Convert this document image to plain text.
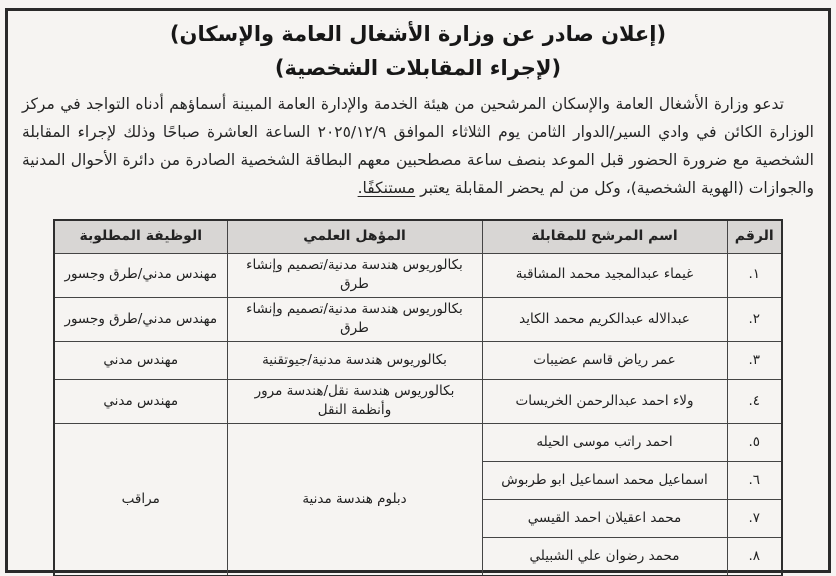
(إعلان صادر عن وزارة الأشغال العامة والإسكان)
(لإجراء المقابلات الشخصية)

تدعو وزارة الأشغال العامة والإسكان المرشحين من هيئة الخدمة والإدارة العامة المبينة أسماؤهم أدناه التواجد في مركز الوزارة الكائن في وادي السير/الدوار الثامن يوم الثلاثاء الموافق ٢٠٢٥/١٢/٩ الساعة العاشرة صباحًا وذلك لإجراء المقابلة الشخصية مع ضرورة الحضور قبل الموعد بنصف ساعة مصطحبين معهم البطاقة الشخصية الصادرة من دائرة الأحوال المدنية والجوازات (الهوية الشخصية)، وكل من لم يحضر المقابلة يعتبر مستنكفًا.

الرقم	اسم المرشح للمقابلة	المؤهل العلمي	الوظيفة المطلوبة
١.	غيماء عبدالمجيد محمد المشاقبة	بكالوريوس هندسة مدنية/تصميم وإنشاء طرق	مهندس مدني/طرق وجسور
٢.	عبدالاله عبدالكريم محمد الكايد	بكالوريوس هندسة مدنية/تصميم وإنشاء طرق	مهندس مدني/طرق وجسور
٣.	عمر رياض قاسم عضيبات	بكالوريوس هندسة مدنية/جيوتقنية	مهندس مدني
٤.	ولاء احمد عبدالرحمن الخريسات	بكالوريوس هندسة نقل/هندسة مرور وأنظمة النقل	مهندس مدني
٥.	احمد راتب موسى الحيله	دبلوم هندسة مدنية	مراقب
٦.	اسماعيل محمد اسماعيل ابو طربوش		
٧.	محمد اعقيلان احمد القيسي		
٨.	محمد رضوان علي الشبيلي		
